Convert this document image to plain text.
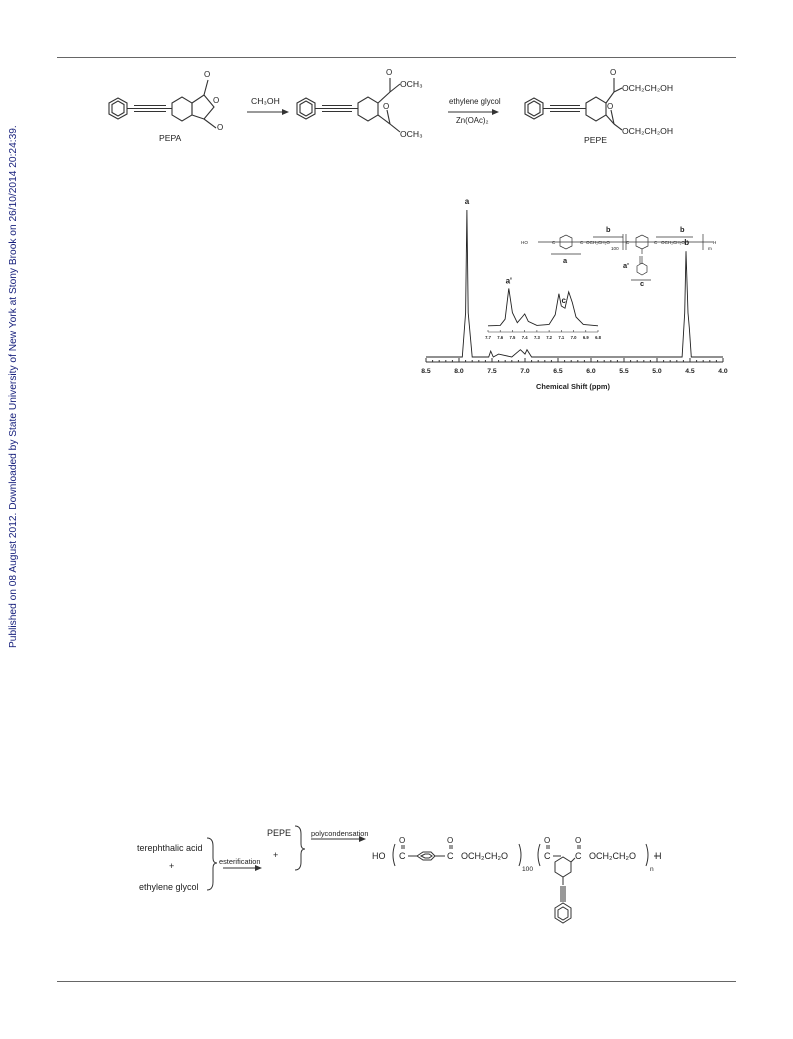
Published on 08 August 2012. Downloaded by State University of New York at Stony Brook on 26/10/2014 20:24:39.
O
O
O
O	O
O	O
PEPA
CH₃OH
OCH₃
OCH₃
ethylene glycol
Zn(OAc)₂
OCH₂CH₂OH
OCH₂CH₂OH
PEPE
HO	C	C OCH₂CH₂O	C	C OCH₂CH₂O	H
100	m
a
a'
b	b
c
8.5	8.0	7.5	7.0	6.5	6.0	5.5	5.0	4.5	4.0
Chemical Shift (ppm)
a
b
7.7 7.6 7.5 7.4 7.3 7.2 7.1 7.0 6.9 6.8
a'
c
terephthalic acid
+
ethylene glycol
esterification
PEPE
+
polycondensation
HO C	C OCH₂CH₂O
100
C	C OCH₂CH₂O H
n
O	O	O	O
